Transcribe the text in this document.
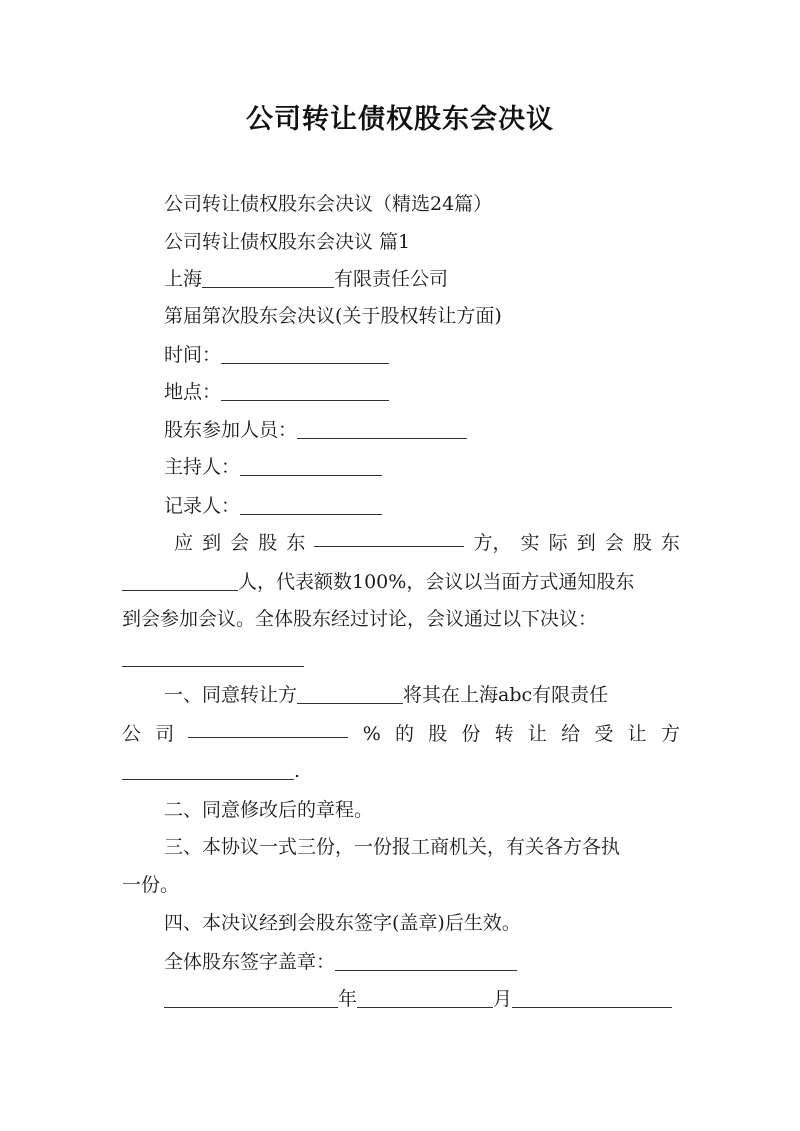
公司转让债权股东会决议
公司转让债权股东会决议（精选24篇）
公司转让债权股东会决议 篇1
上海	有限责任公司
第届第次股东会决议(关于股权转让方面)
时间：
地点：
股东参加人员：
主持人：
记录人：
应 到 会 股 东	方， 实 际 到 会 股 东
人，代表额数100%，会议以当面方式通知股东
到会参加会议。全体股东经过讨论，会议通过以下决议：
一、同意转让方	将其在上海abc有限责任
公 司	% 的 股 份 转 让 给 受 让 方
.
二、同意修改后的章程。
三、本协议一式三份，一份报工商机关，有关各方各执
一份。
四、本决议经到会股东签字(盖章)后生效。
全体股东签字盖章：
年	月
